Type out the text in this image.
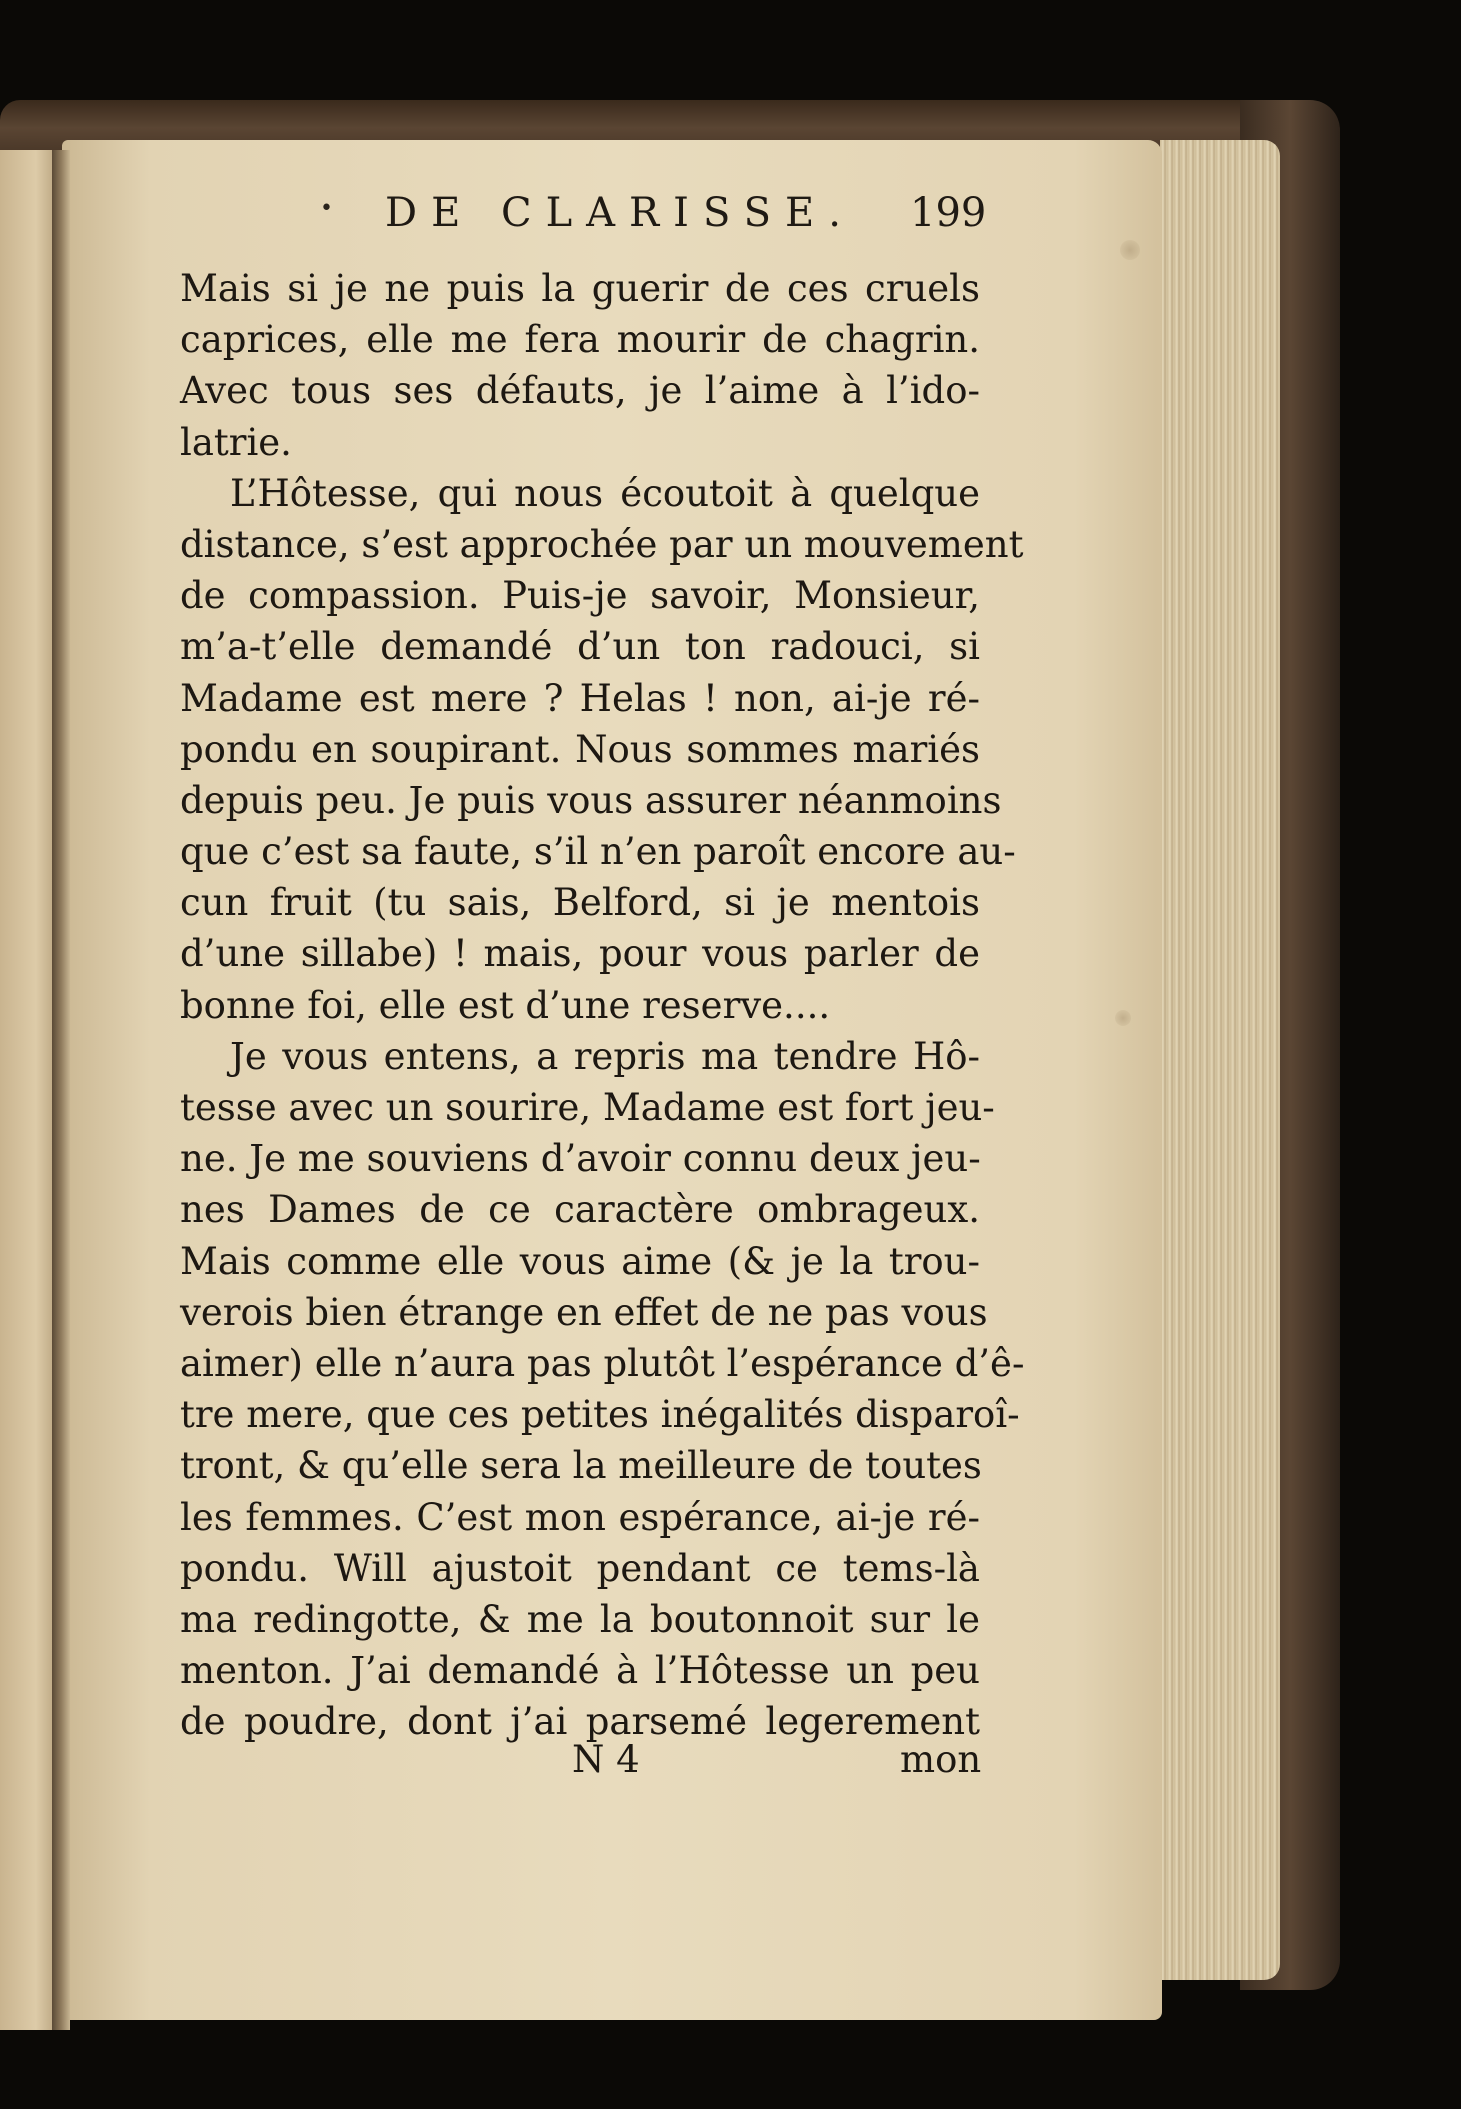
•	DE CLARISSE.	199
Mais si je ne puis la guerir de ces cruels
caprices, elle me fera mourir de chagrin.
Avec tous ses défauts, je l’aime à l’ido-
latrie.
L’Hôtesse, qui nous écoutoit à quelque
distance, s’est approchée par un mouvement
de compassion. Puis-je savoir, Monsieur,
m’a-t’elle demandé d’un ton radouci, si
Madame est mere ? Helas ! non, ai-je ré-
pondu en soupirant. Nous sommes mariés
depuis peu. Je puis vous assurer néanmoins
que c’est sa faute, s’il n’en paroît encore au-
cun fruit (tu sais, Belford, si je mentois
d’une sillabe) ! mais, pour vous parler de
bonne foi, elle est d’une reserve....
Je vous entens, a repris ma tendre Hô-
tesse avec un sourire, Madame est fort jeu-
ne. Je me souviens d’avoir connu deux jeu-
nes Dames de ce caractère ombrageux.
Mais comme elle vous aime (& je la trou-
verois bien étrange en effet de ne pas vous
aimer) elle n’aura pas plutôt l’espérance d’ê-
tre mere, que ces petites inégalités disparoî-
tront, & qu’elle sera la meilleure de toutes
les femmes. C’est mon espérance, ai-je ré-
pondu. Will ajustoit pendant ce tems-là
ma redingotte, & me la boutonnoit sur le
menton. J’ai demandé à l’Hôtesse un peu
de poudre, dont j’ai parsemé legerement
N 4	mon
